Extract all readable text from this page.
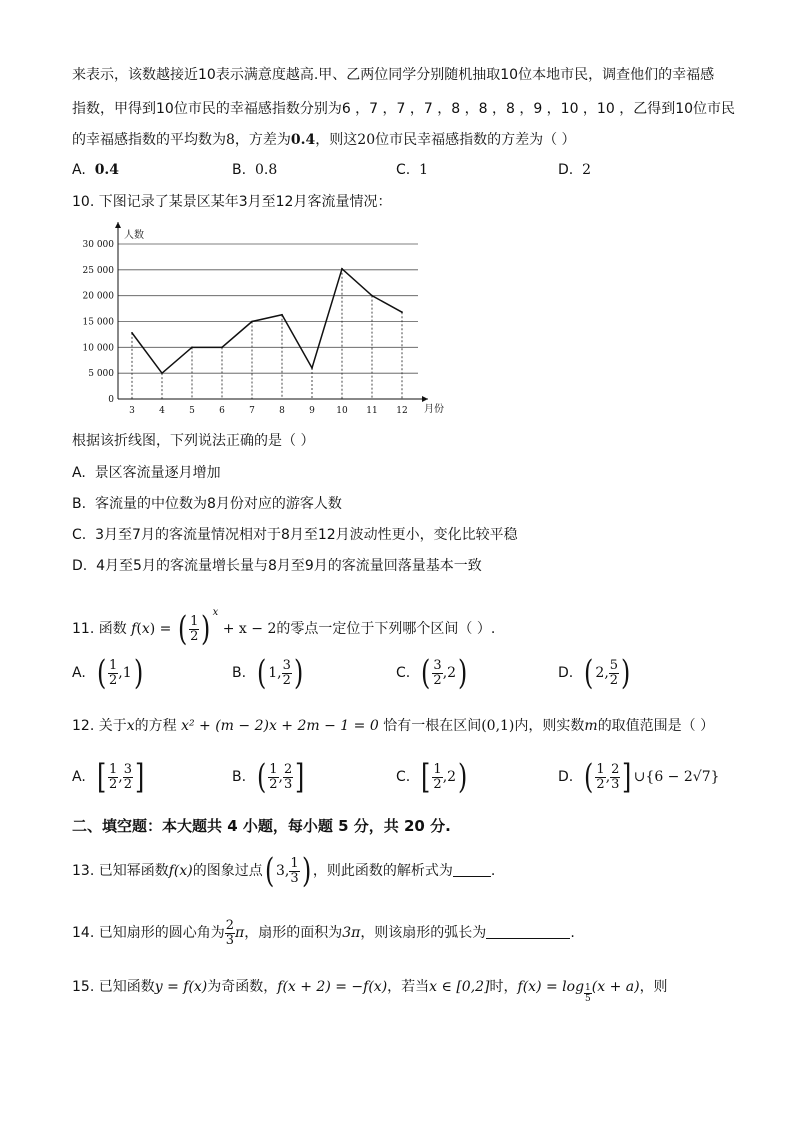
来表示，该数越接近10表示满意度越高.甲、乙两位同学分别随机抽取10位本地市民，调查他们的幸福感
指数，甲得到10位市民的幸福感指数分别为6 ，7 ，7 ，7 ，8 ，8 ，8 ，9 ，10 ，10 ，乙得到10位市民
的幸福感指数的平均数为8，方差为0.4，则这20位市民幸福感指数的方差为（ ）
A. 0.4	B. 0.8	C. 1	D. 2
10. 下图记录了某景区某年3月至12月客流量情况：
人数
月份
0
5 000
10 000
15 000
20 000
25 000
30 000
3	4	5	6	7	8	9 10 11 12
根据该折线图，下列说法正确的是（ ）
A. 景区客流量逐月增加
B. 客流量的中位数为8月份对应的游客人数
C. 3月至7月的客流量情况相对于8月至12月波动性更小，变化比较平稳
D. 4月至5月的客流量增长量与8月至9月的客流量回落量基本一致
11. 函数 f(x) = ( $\frac{1}{2}$ ) $^x$ + x − 2的零点一定位于下列哪个区间（ ）.
A. ( $\frac{1}{2} ,1$)	B. ( 1, $\frac{3}{2}$ )	C. ( $\frac{3}{2} ,2$)	D. ( 2, $\frac{5}{2}$ )
12. 关于x的方程 x² + (m − 2)x + 2m − 1 = 0 恰有一根在区间(0,1)内，则实数m的取值范围是（ ）
A. [ $\frac{1}{2}$ , $\frac{3}{2}$ ]	B. ( $\frac{1}{2}$ , $\frac{2}{3}$ ]	C. [ $\frac{1}{2} ,2$)	D. ( $\frac{1}{2}$ , $\frac{2}{3}$ ] ∪{6 − 2√7}
二、填空题：本大题共 4 小题，每小题 5 分，共 20 分.
13. 已知幂函数f(x)的图象过点( 3, $\frac{1}{3}$ ) ，则此函数的解析式为	.
14. 已知扇形的圆心角为 $\frac{2}{3}$ π，扇形的面积为3π，则该扇形的弧长为	.
15. 已知函数y = f(x)为奇函数，f(x + 2) = −f(x)，若当x ∈ [0,2]时，$f(x) = \log \frac{1}{5} (x + a)$，则
